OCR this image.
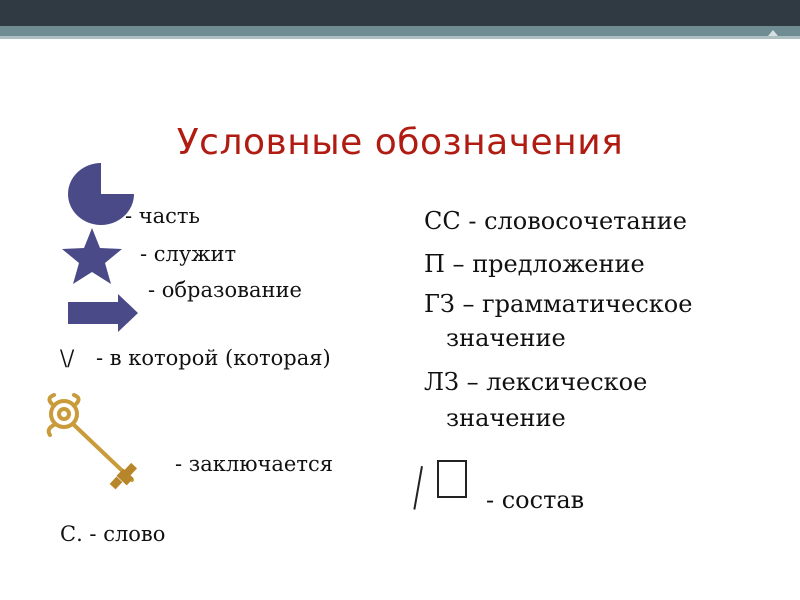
Условные обозначения
- часть
- служит
- образование
\/ - в которой (которая)
- заключается
С. - слово
СС - словосочетание
П – предложение
ГЗ – грамматическое
значение
ЛЗ – лексическое
значение
- состав
